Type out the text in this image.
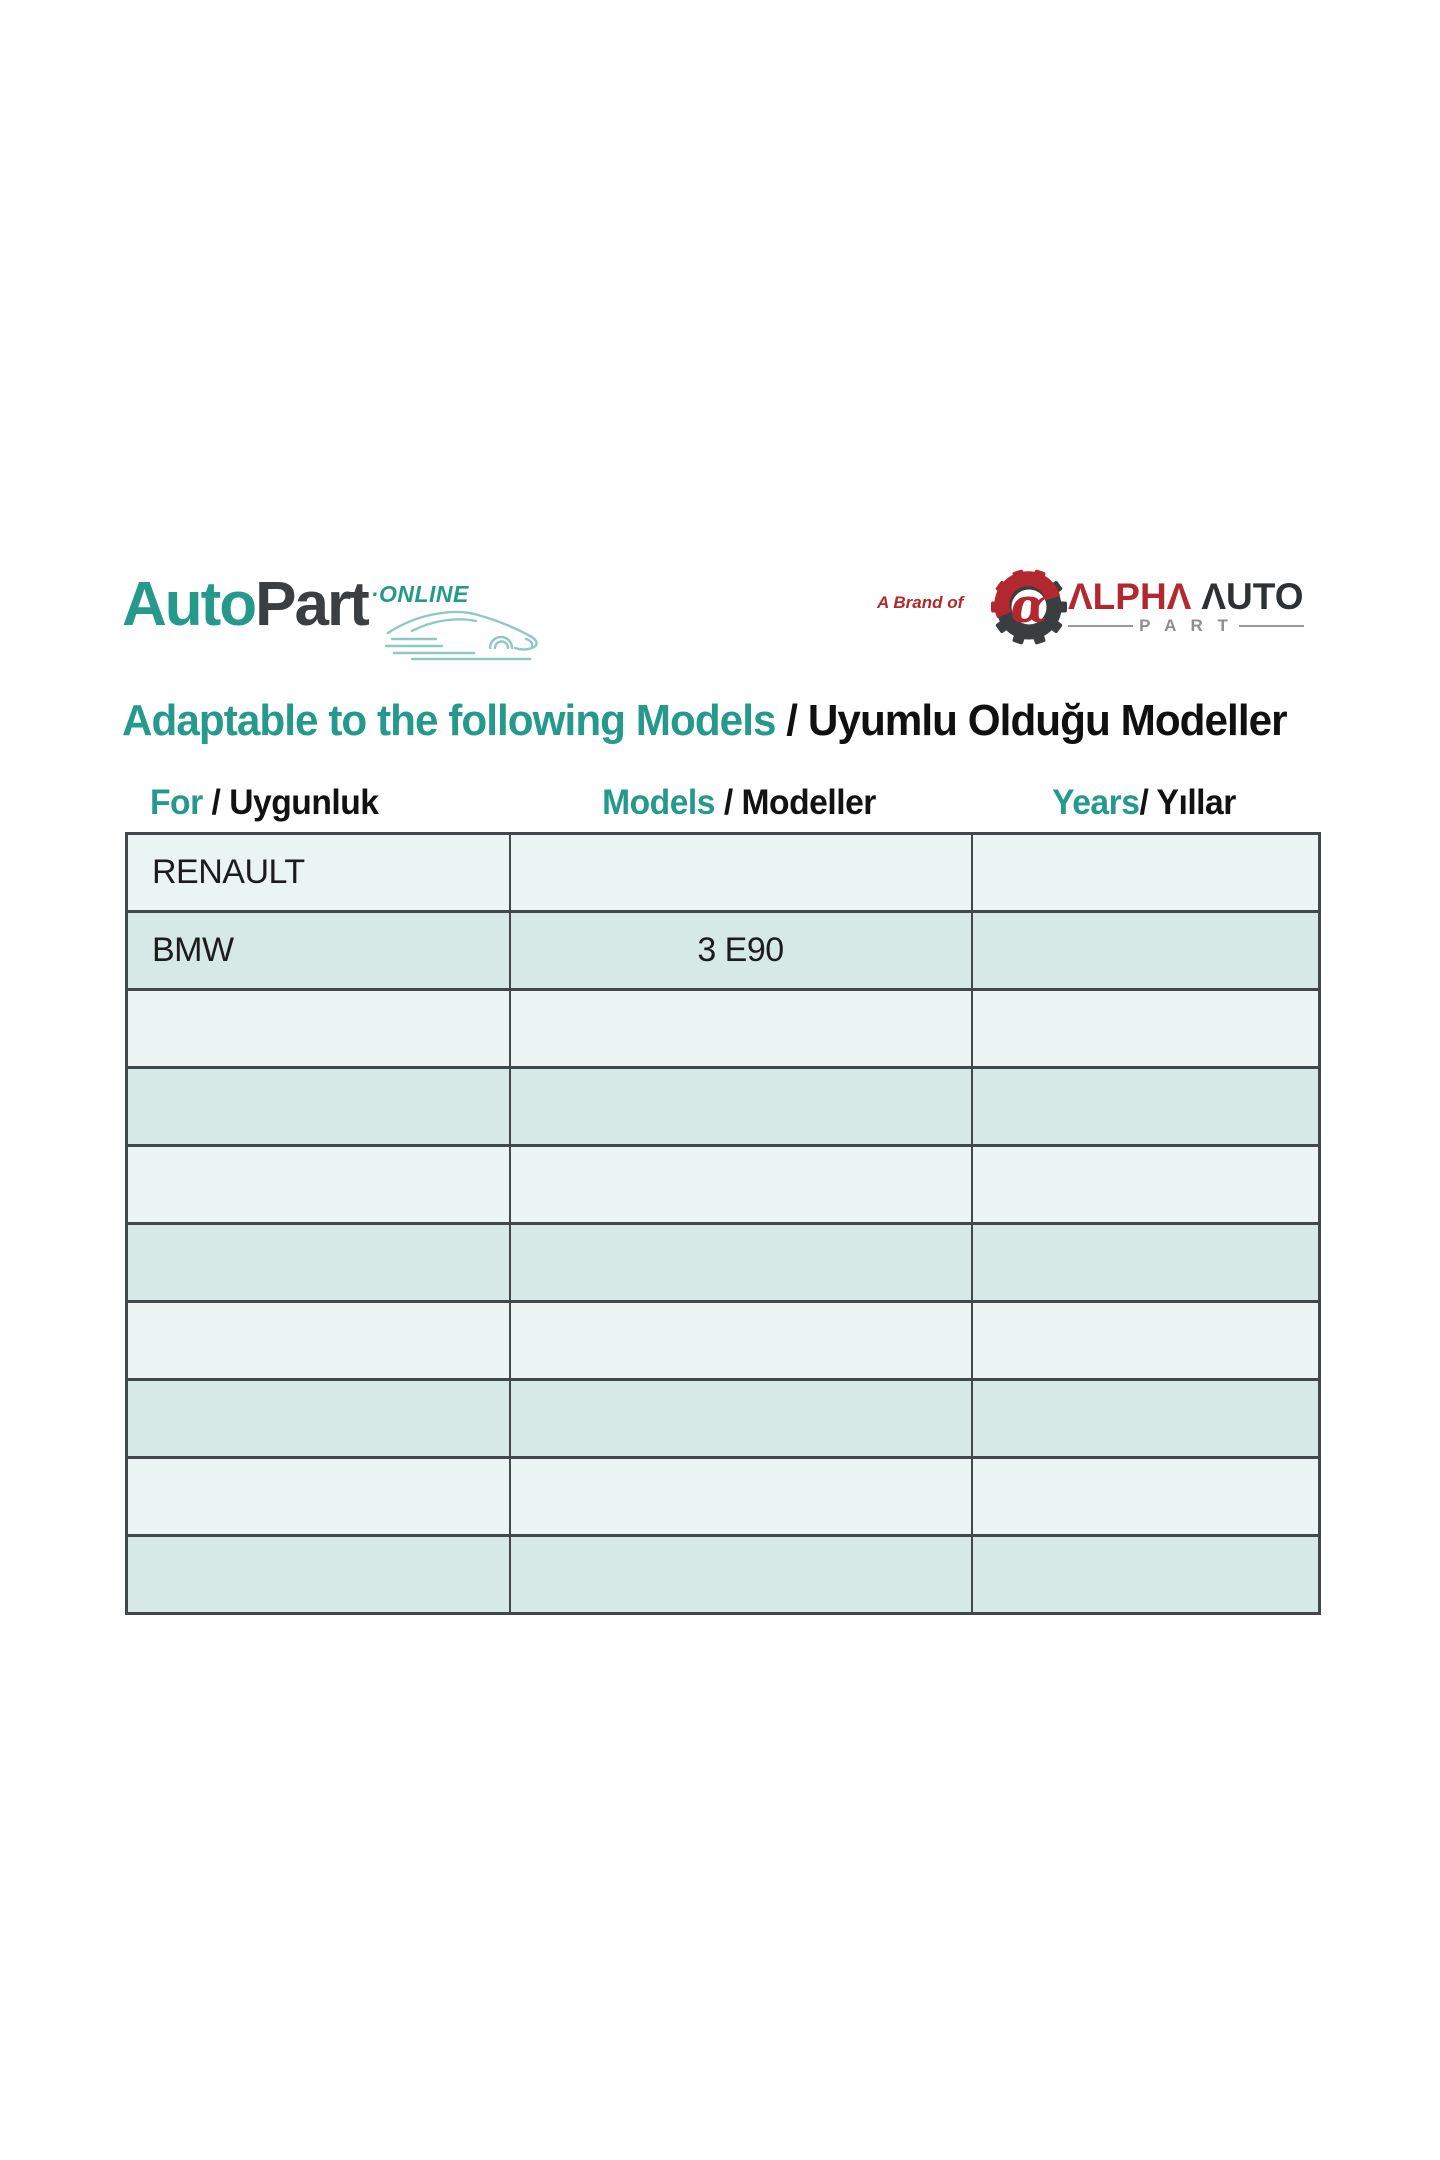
AutoPart ·ONLINE	A Brand of α ΛLPHΛ ΛUTO
P A R T
Adaptable to the following Models / Uyumlu Olduğu Modeller
For / Uygunluk	Models / Modeller	Years/ Yıllar
RENAULT		
BMW	3 E90	
